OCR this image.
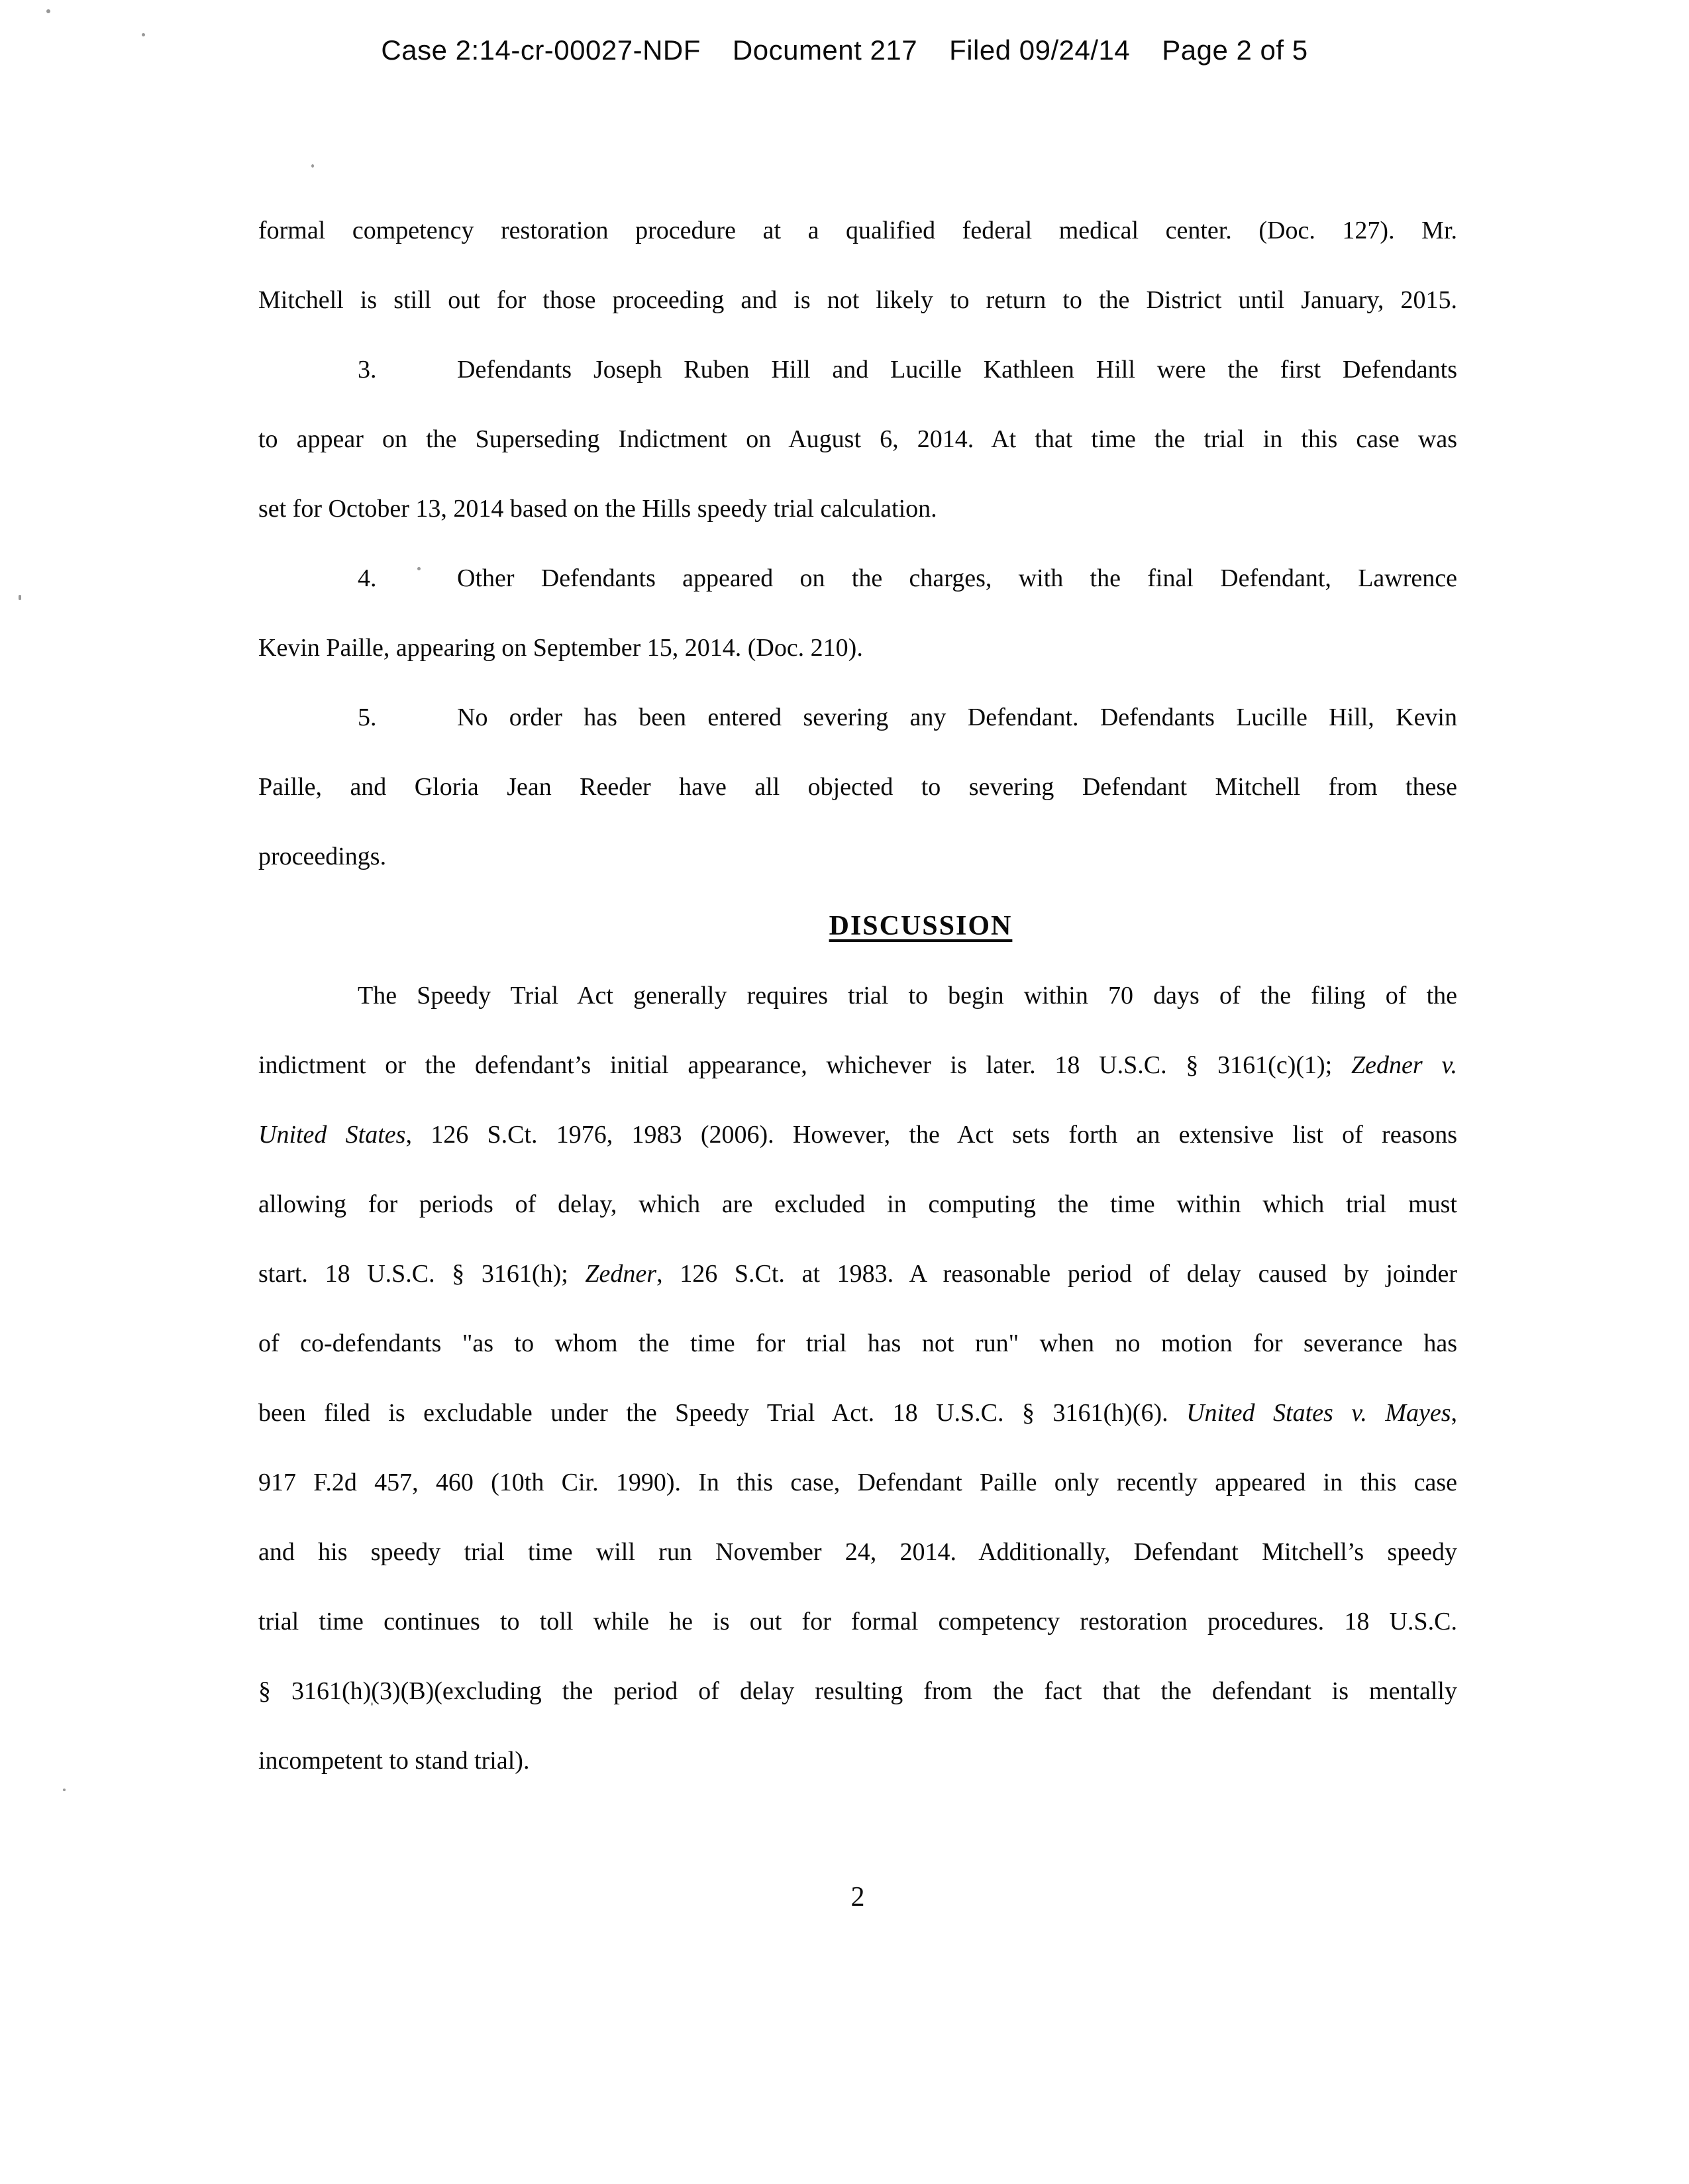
Case 2:14-cr-00027-NDF Document 217 Filed 09/24/14 Page 2 of 5
formal competency restoration procedure at a qualified federal medical center. (Doc. 127). Mr.
Mitchell is still out for those proceeding and is not likely to return to the District until January, 2015.
3.	Defendants Joseph Ruben Hill and Lucille Kathleen Hill were the first Defendants
to appear on the Superseding Indictment on August 6, 2014. At that time the trial in this case was
set for October 13, 2014 based on the Hills speedy trial calculation.
4.	Other Defendants appeared on the charges, with the final Defendant, Lawrence
Kevin Paille, appearing on September 15, 2014. (Doc. 210).
5.	No order has been entered severing any Defendant. Defendants Lucille Hill, Kevin
Paille, and Gloria Jean Reeder have all objected to severing Defendant Mitchell from these
proceedings.
DISCUSSION
The Speedy Trial Act generally requires trial to begin within 70 days of the filing of the
indictment or the defendant’s initial appearance, whichever is later. 18 U.S.C. § 3161(c)(1); Zedner v.
United States, 126 S.Ct. 1976, 1983 (2006). However, the Act sets forth an extensive list of reasons
allowing for periods of delay, which are excluded in computing the time within which trial must
start. 18 U.S.C. § 3161(h); Zedner, 126 S.Ct. at 1983. A reasonable period of delay caused by joinder
of co-defendants "as to whom the time for trial has not run" when no motion for severance has
been filed is excludable under the Speedy Trial Act. 18 U.S.C. § 3161(h)(6). United States v. Mayes,
917 F.2d 457, 460 (10th Cir. 1990). In this case, Defendant Paille only recently appeared in this case
and his speedy trial time will run November 24, 2014. Additionally, Defendant Mitchell’s speedy
trial time continues to toll while he is out for formal competency restoration procedures. 18 U.S.C.
§ 3161(h)(3)(B)(excluding the period of delay resulting from the fact that the defendant is mentally
incompetent to stand trial).
2
